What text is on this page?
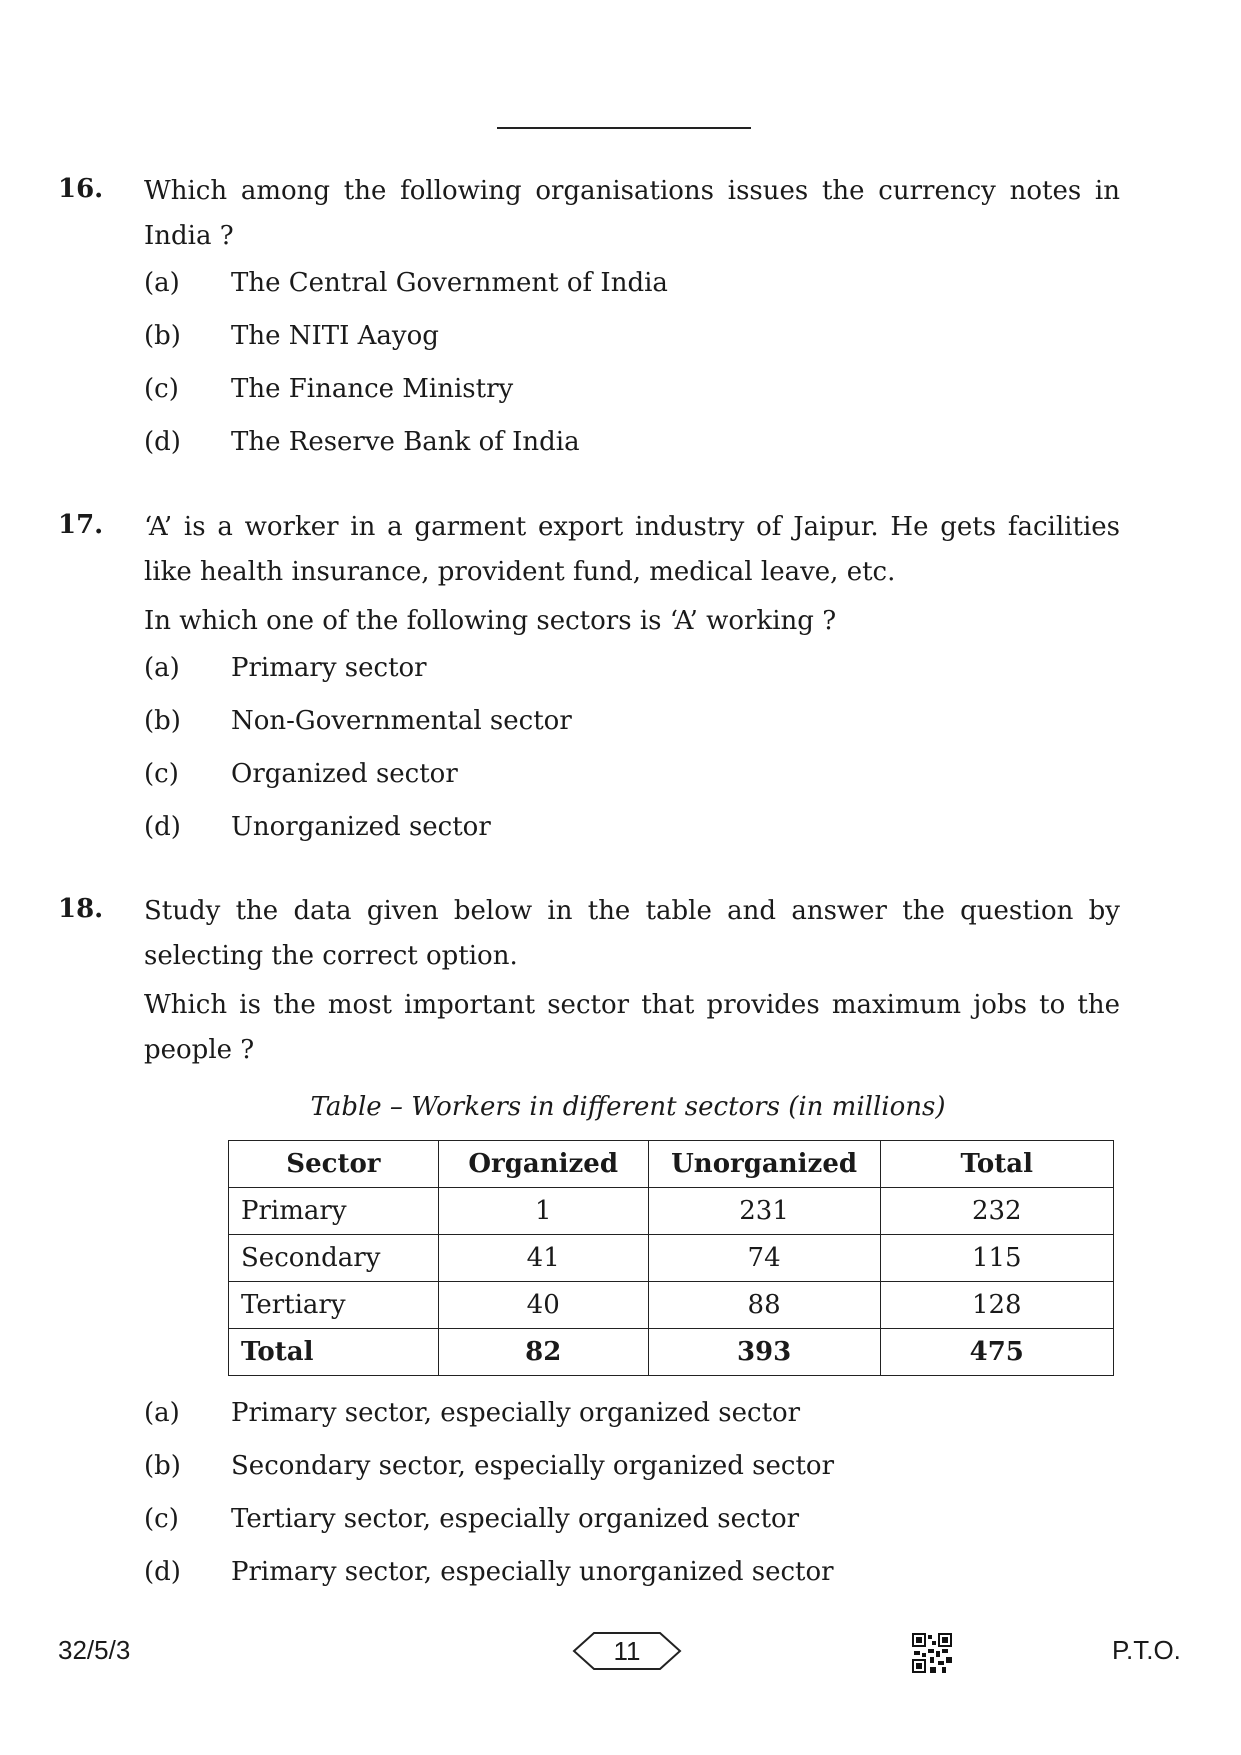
16. Which among the following organisations issues the currency notes in India ?

(a) The Central Government of India
(b) The NITI Aayog
(c) The Finance Ministry
(d) The Reserve Bank of India
17. ‘A’ is a worker in a garment export industry of Jaipur. He gets facilities like health insurance, provident fund, medical leave, etc.

In which one of the following sectors is ‘A’ working ?

(a) Primary sector
(b) Non-Governmental sector
(c) Organized sector
(d) Unorganized sector
18. Study the data given below in the table and answer the question by selecting the correct option.

Which is the most important sector that provides maximum jobs to the people ?

Table – Workers in different sectors (in millions)
Sector	Organized	Unorganized	Total
Primary	1	231	232
Secondary	41	74	115
Tertiary	40	88	128
Total	82	393	475
(a) Primary sector, especially organized sector
(b) Secondary sector, especially organized sector
(c) Tertiary sector, especially organized sector
(d) Primary sector, especially unorganized sector
32/5/3	11	P.T.O.
